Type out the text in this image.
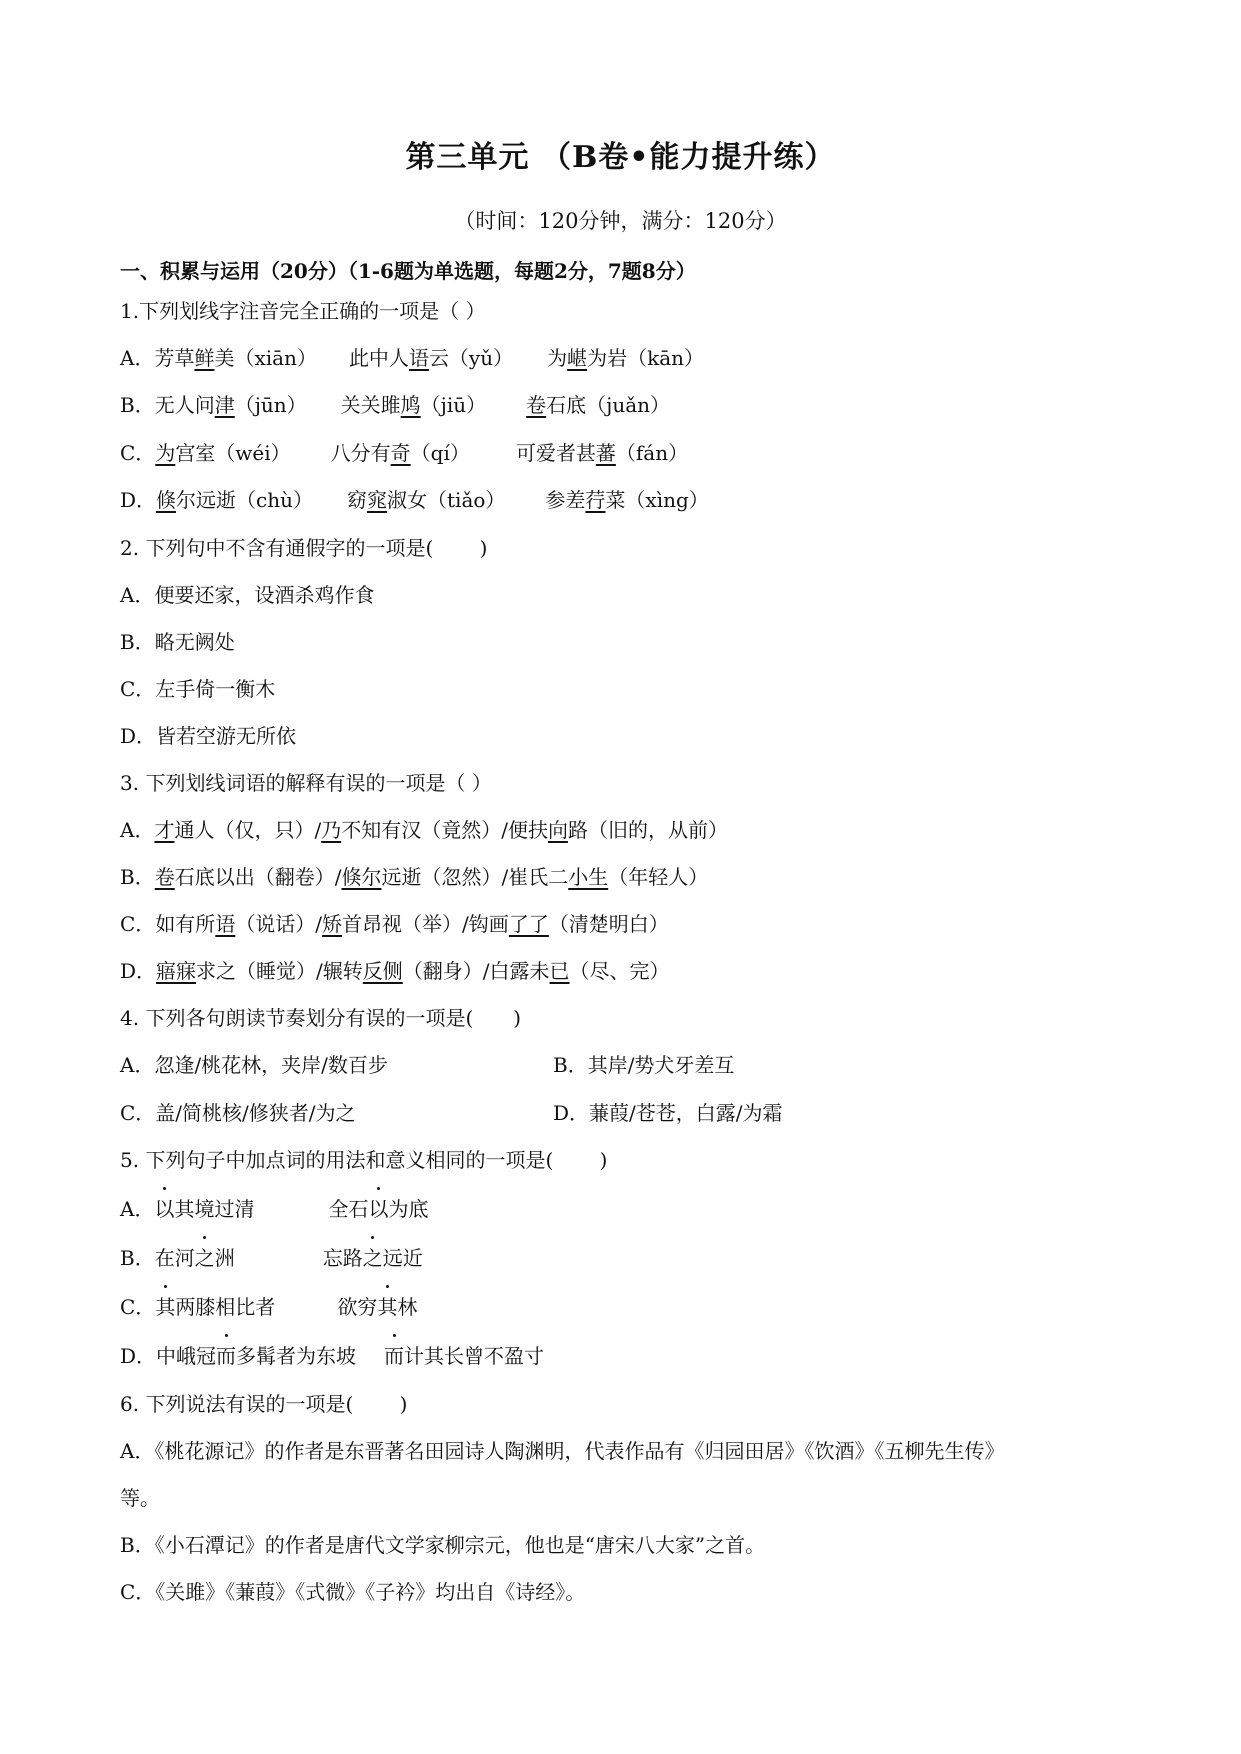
第三单元 （B卷•能力提升练）
（时间：120分钟，满分：120分）
一、积累与运用（20分）（1-6题为单选题，每题2分，7题8分）
1.下列划线字注音完全正确的一项是（ ）
A．芳草鲜美（xiān） 此中人语云（yǔ） 为嵁为岩（kān）
B．无人问津（jūn） 关关雎鸠（jiū） 卷石底（juǎn）
C．为宫室（wéi） 八分有奇（qí） 可爱者甚蕃（fán）
D．倏尔远逝（chù） 窈窕淑女（tiǎo） 参差荇菜（xìng）
2. 下列句中不含有通假字的一项是(　　 )
A．便要还家，设酒杀鸡作食
B．略无阙处
C．左手倚一衡木
D．皆若空游无所依
3. 下列划线词语的解释有误的一项是（ ）
A．才通人（仅，只）/乃不知有汉（竟然）/便扶向路（旧的，从前）
B．卷石底以出（翻卷）/倏尔远逝（忽然）/崔氏二小生（年轻人）
C．如有所语（说话）/矫首昂视（举）/钩画了了（清楚明白）
D．寤寐求之（睡觉）/辗转反侧（翻身）/白露未已（尽、完）
4. 下列各句朗读节奏划分有误的一项是(　　)
A．忽逢/桃花林，夹岸/数百步	B．其岸/势犬牙差互
C．盖/简桃核/修狭者/为之	D．蒹葭/苍苍，白露/为霜
5. 下列句子中加点词的用法和意义相同的一项是(　　 )
A．以其境过清	全石以为底
B．在河之洲	忘路之远近
C．其两膝相比者	欲穷其林
D．中峨冠而多髯者为东坡 而计其长曾不盈寸
6. 下列说法有误的一项是(　　 )
A．《桃花源记》的作者是东晋著名田园诗人陶渊明，代表作品有《归园田居》《饮酒》《五柳先生传》
等。
B．《小石潭记》的作者是唐代文学家柳宗元，他也是“唐宋八大家”之首。
C．《关雎》《蒹葭》《式微》《子衿》均出自《诗经》。
